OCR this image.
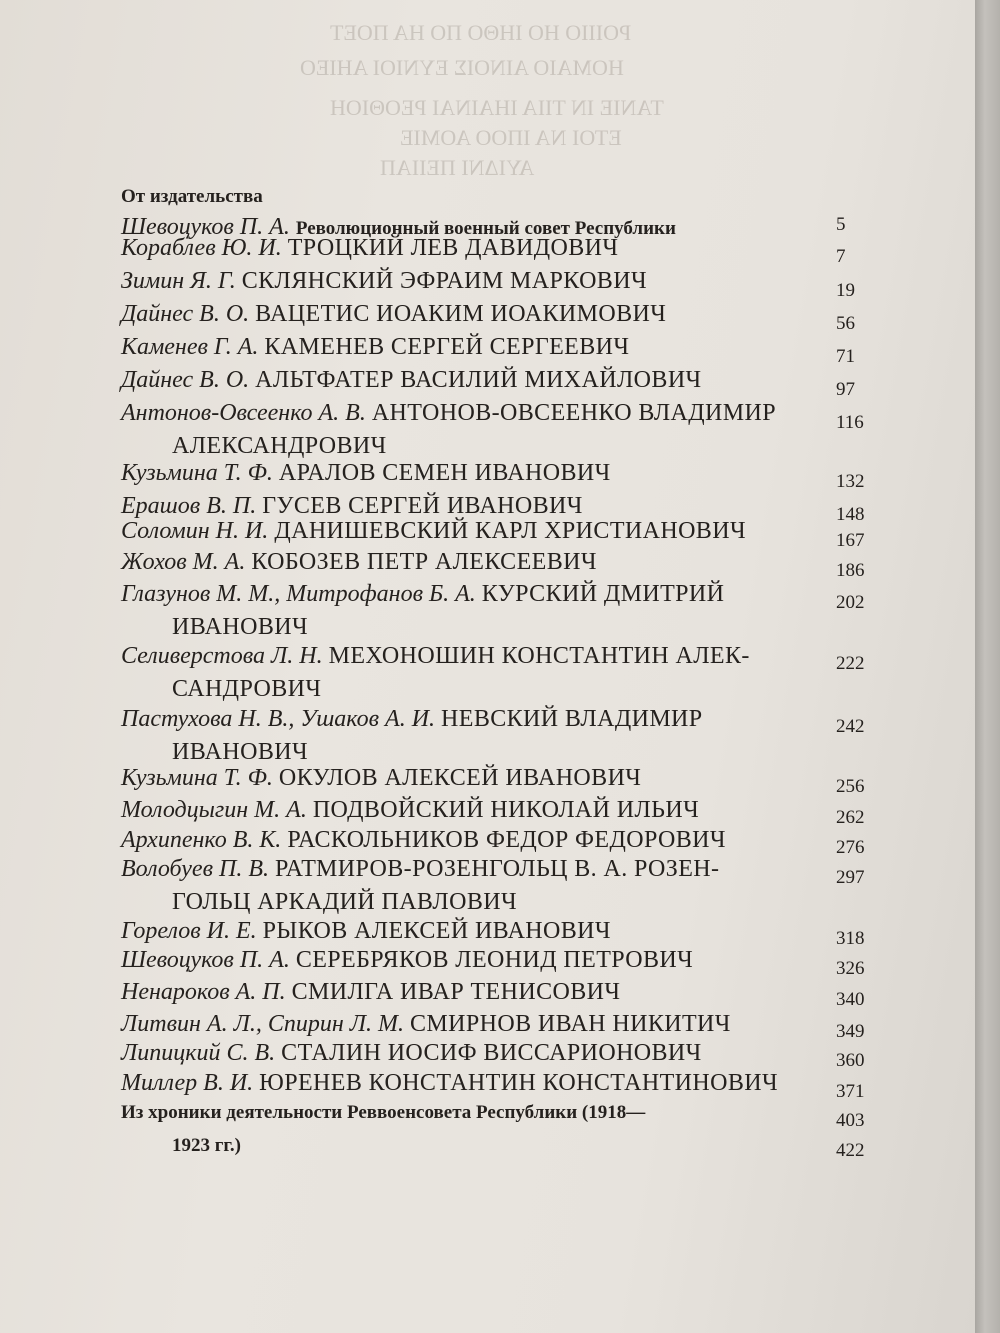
ΡΟΙΙΙΟ ΗΟ ΙΗΘΟ ΠΟ ΗΑ ΠΟΕΤ
ΗΟΜΑΙΟ ΑΙΝΟΙΣ ΕΥΝΙΟΙ ΑΗΙΕΟ
ΤΑΝΙΕ ΙΝ ΤΙΙΑ ΙΗΑΙΝΑΙ ΡΕΟΘΙΟΗ
ΕΤΟΙ ΝΑ ΙΠΟΟ ΑΟΜΙΕ
ΑΥΙΔΝΙ ΠΕΙΙΑΠ
От издательства
Шевоцуков П. А. Революционный военный совет Республики	5
Кораблев Ю. И. ТРОЦКИЙ ЛЕВ ДАВИДОВИЧ
Зимин Я. Г. СКЛЯНСКИЙ ЭФРАИМ МАРКОВИЧ
Дайнес В. О. ВАЦЕТИС ИОАКИМ ИОАКИМОВИЧ
Каменев Г. А. КАМЕНЕВ СЕРГЕЙ СЕРГЕЕВИЧ
Дайнес В. О. АЛЬТФАТЕР ВАСИЛИЙ МИХАЙЛОВИЧ
Антонов-Овсеенко А. В. АНТОНОВ-ОВСЕЕНКО ВЛАДИМИР
АЛЕКСАНДРОВИЧ
Кузьмина Т. Ф. АРАЛОВ СЕМЕН ИВАНОВИЧ
Ерашов В. П. ГУСЕВ СЕРГЕЙ ИВАНОВИЧ
Соломин Н. И. ДАНИШЕВСКИЙ КАРЛ ХРИСТИАНОВИЧ
Жохов М. А. КОБОЗЕВ ПЕТР АЛЕКСЕЕВИЧ
Глазунов М. М., Митрофанов Б. А. КУРСКИЙ ДМИТРИЙ
ИВАНОВИЧ
Селиверстова Л. Н. МЕХОНОШИН КОНСТАНТИН АЛЕК-
САНДРОВИЧ
Пастухова Н. В., Ушаков А. И. НЕВСКИЙ ВЛАДИМИР
ИВАНОВИЧ
Кузьмина Т. Ф. ОКУЛОВ АЛЕКСЕЙ ИВАНОВИЧ
Молодцыгин М. А. ПОДВОЙСКИЙ НИКОЛАЙ ИЛЬИЧ
Архипенко В. К. РАСКОЛЬНИКОВ ФЕДОР ФЕДОРОВИЧ
Волобуев П. В. РАТМИРОВ-РОЗЕНГОЛЬЦ В. А. РОЗЕН-
ГОЛЬЦ АРКАДИЙ ПАВЛОВИЧ
Горелов И. Е. РЫКОВ АЛЕКСЕЙ ИВАНОВИЧ
Шевоцуков П. А. СЕРЕБРЯКОВ ЛЕОНИД ПЕТРОВИЧ
Ненароков А. П. СМИЛГА ИВАР ТЕНИСОВИЧ
Литвин А. Л., Спирин Л. М. СМИРНОВ ИВАН НИКИТИЧ
Липицкий С. В. СТАЛИН ИОСИФ ВИССАРИОНОВИЧ
Миллер В. И. ЮРЕНЕВ КОНСТАНТИН КОНСТАНТИНОВИЧ
Из хроники деятельности Реввоенсовета Республики (1918—
1923 гг.)
7
19
56
71
97
116
132
148
167
186
202
222
242
256
262
276
297
318
326
340
349
360
371
403
422
